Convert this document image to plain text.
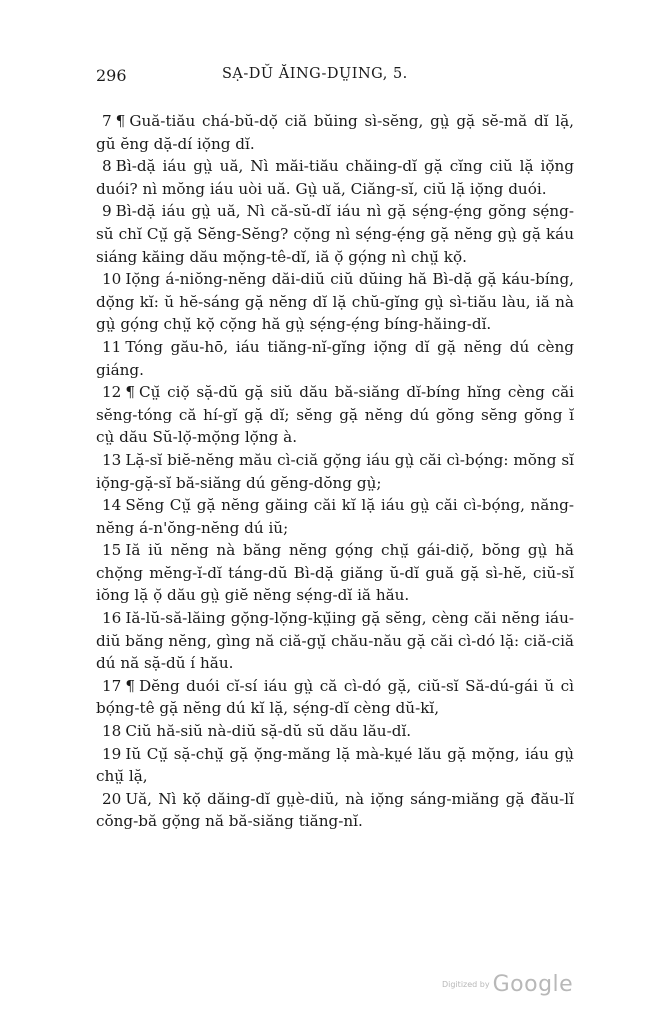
296	SẠ-DŬ ĂING-DṲING, 5.

7 ¶ Guă-tiău chá-bŭ-dọ̆ ciă bŭing sì-sĕng, gṳ̀ gặ sĕ-mă dĭ lặ, gŭ ĕng dặ-dí iọ̆ng dĭ.

8 Bì-dặ iáu gṳ̀ uă, Nì măi-tiău chăing-dĭ gặ cĭng ciŭ lặ iọ̆ng duói? nì mŏng iáu uòi uă. Gṳ̀ uă, Ciăng-sĭ, ciŭ lặ iọ̆ng duói.

9 Bì-dặ iáu gṳ̀ uă, Nì că-sŭ-dĭ iáu nì gặ sẹ́ng-ẹ́ng gŏng sẹ́ng-sŭ chĭ Cṳ̆ gặ Sĕng-Sĕng? cọ̆ng nì sẹ́ng-ẹ́ng gặ nĕng gṳ̀ gặ káu siáng kăing dău mọ̆ng-tê-dĭ, iă ọ̆ gọ́ng nì chṳ̆ kọ̆.

10 Iọ̆ng á-niŏng-nĕng dăi-diŭ ciŭ dŭing hă Bì-dặ gặ káu-bíng, dọ̆ng kĭ: ŭ hĕ-sáng gặ nĕng dĭ lặ chŭ-gĭng gṳ̀ sì-tiău làu, iă nà gṳ̀ gọ́ng chṳ̆ kọ̆ cọ̆ng hă gṳ̀ sẹ́ng-ẹ́ng bíng-hăing-dĭ.

11 Tóng gău-hō, iáu tiăng-nĭ-gĭng iọ̆ng dĭ gặ nĕng dú cèng giáng.

12 ¶ Cṳ̆ ciọ̆ sặ-dŭ gặ siŭ dău bă-siăng dĭ-bíng hĭng cèng căi sĕng-tóng că hí-gĭ gặ dĭ; sĕng gặ nĕng dú gŏng sĕng gŏng ĭ cṳ̀ dău Sŭ-lọ̆-mọ̆ng lọ̆ng à.

13 Lặ-sĭ biĕ-nĕng mău cì-ciă gọ̆ng iáu gṳ̀ căi cì-bọ́ng: mŏng sĭ iọ̆ng-gặ-sĭ bă-siăng dú gĕng-dŏng gṳ̀;

14 Sĕng Cṳ̆ gặ nĕng găing căi kĭ lặ iáu gṳ̀ căi cì-bọ́ng, năng-nĕng á-n'ŏng-nĕng dú iŭ;

15 Iă iŭ nĕng nà băng nĕng gọ́ng chṳ̆ gái-diọ̆, bŏng gṳ̀ hă chọ̆ng mĕng-ĭ-dĭ táng-dŭ Bì-dặ giăng ŭ-dĭ guă gặ sì-hĕ, ciŭ-sĭ iŏng lặ ọ̆ dău gṳ̀ giĕ nĕng sẹ́ng-dĭ iă hău.

16 Iă-lŭ-să-lăing gọ̆ng-lọ̆ng-kṳ̆ing gặ sĕng, cèng căi nĕng iáu-diŭ băng nĕng, gìng nă ciă-gṳ̆ chău-nău gặ căi cì-dó lặ: ciă-ciă dú nă sặ-dŭ í hău.

17 ¶ Dĕng duói cĭ-sí iáu gṳ̀ că cì-dó gặ, ciŭ-sĭ Să-dú-gái ŭ cì bọ́ng-tê gặ nĕng dú kĭ lặ, sẹ́ng-dĭ cèng dŭ-kĭ,

18 Ciŭ hă-siŭ nà-diŭ sặ-dŭ sŭ dău lău-dĭ.

19 Iŭ Cṳ̆ sặ-chṳ̆ gặ ọ̆ng-măng lặ mà-kṳé lău gặ mọ̆ng, iáu gṳ̀ chṳ̆ lặ,

20 Uă, Nì kọ̆ dăing-dĭ gṳè-diŭ, nà iọ̆ng sáng-miăng gặ đău-lĭ cŏng-bă gọ̆ng nă bă-siăng tiăng-nĭ.

Digitized by Google
